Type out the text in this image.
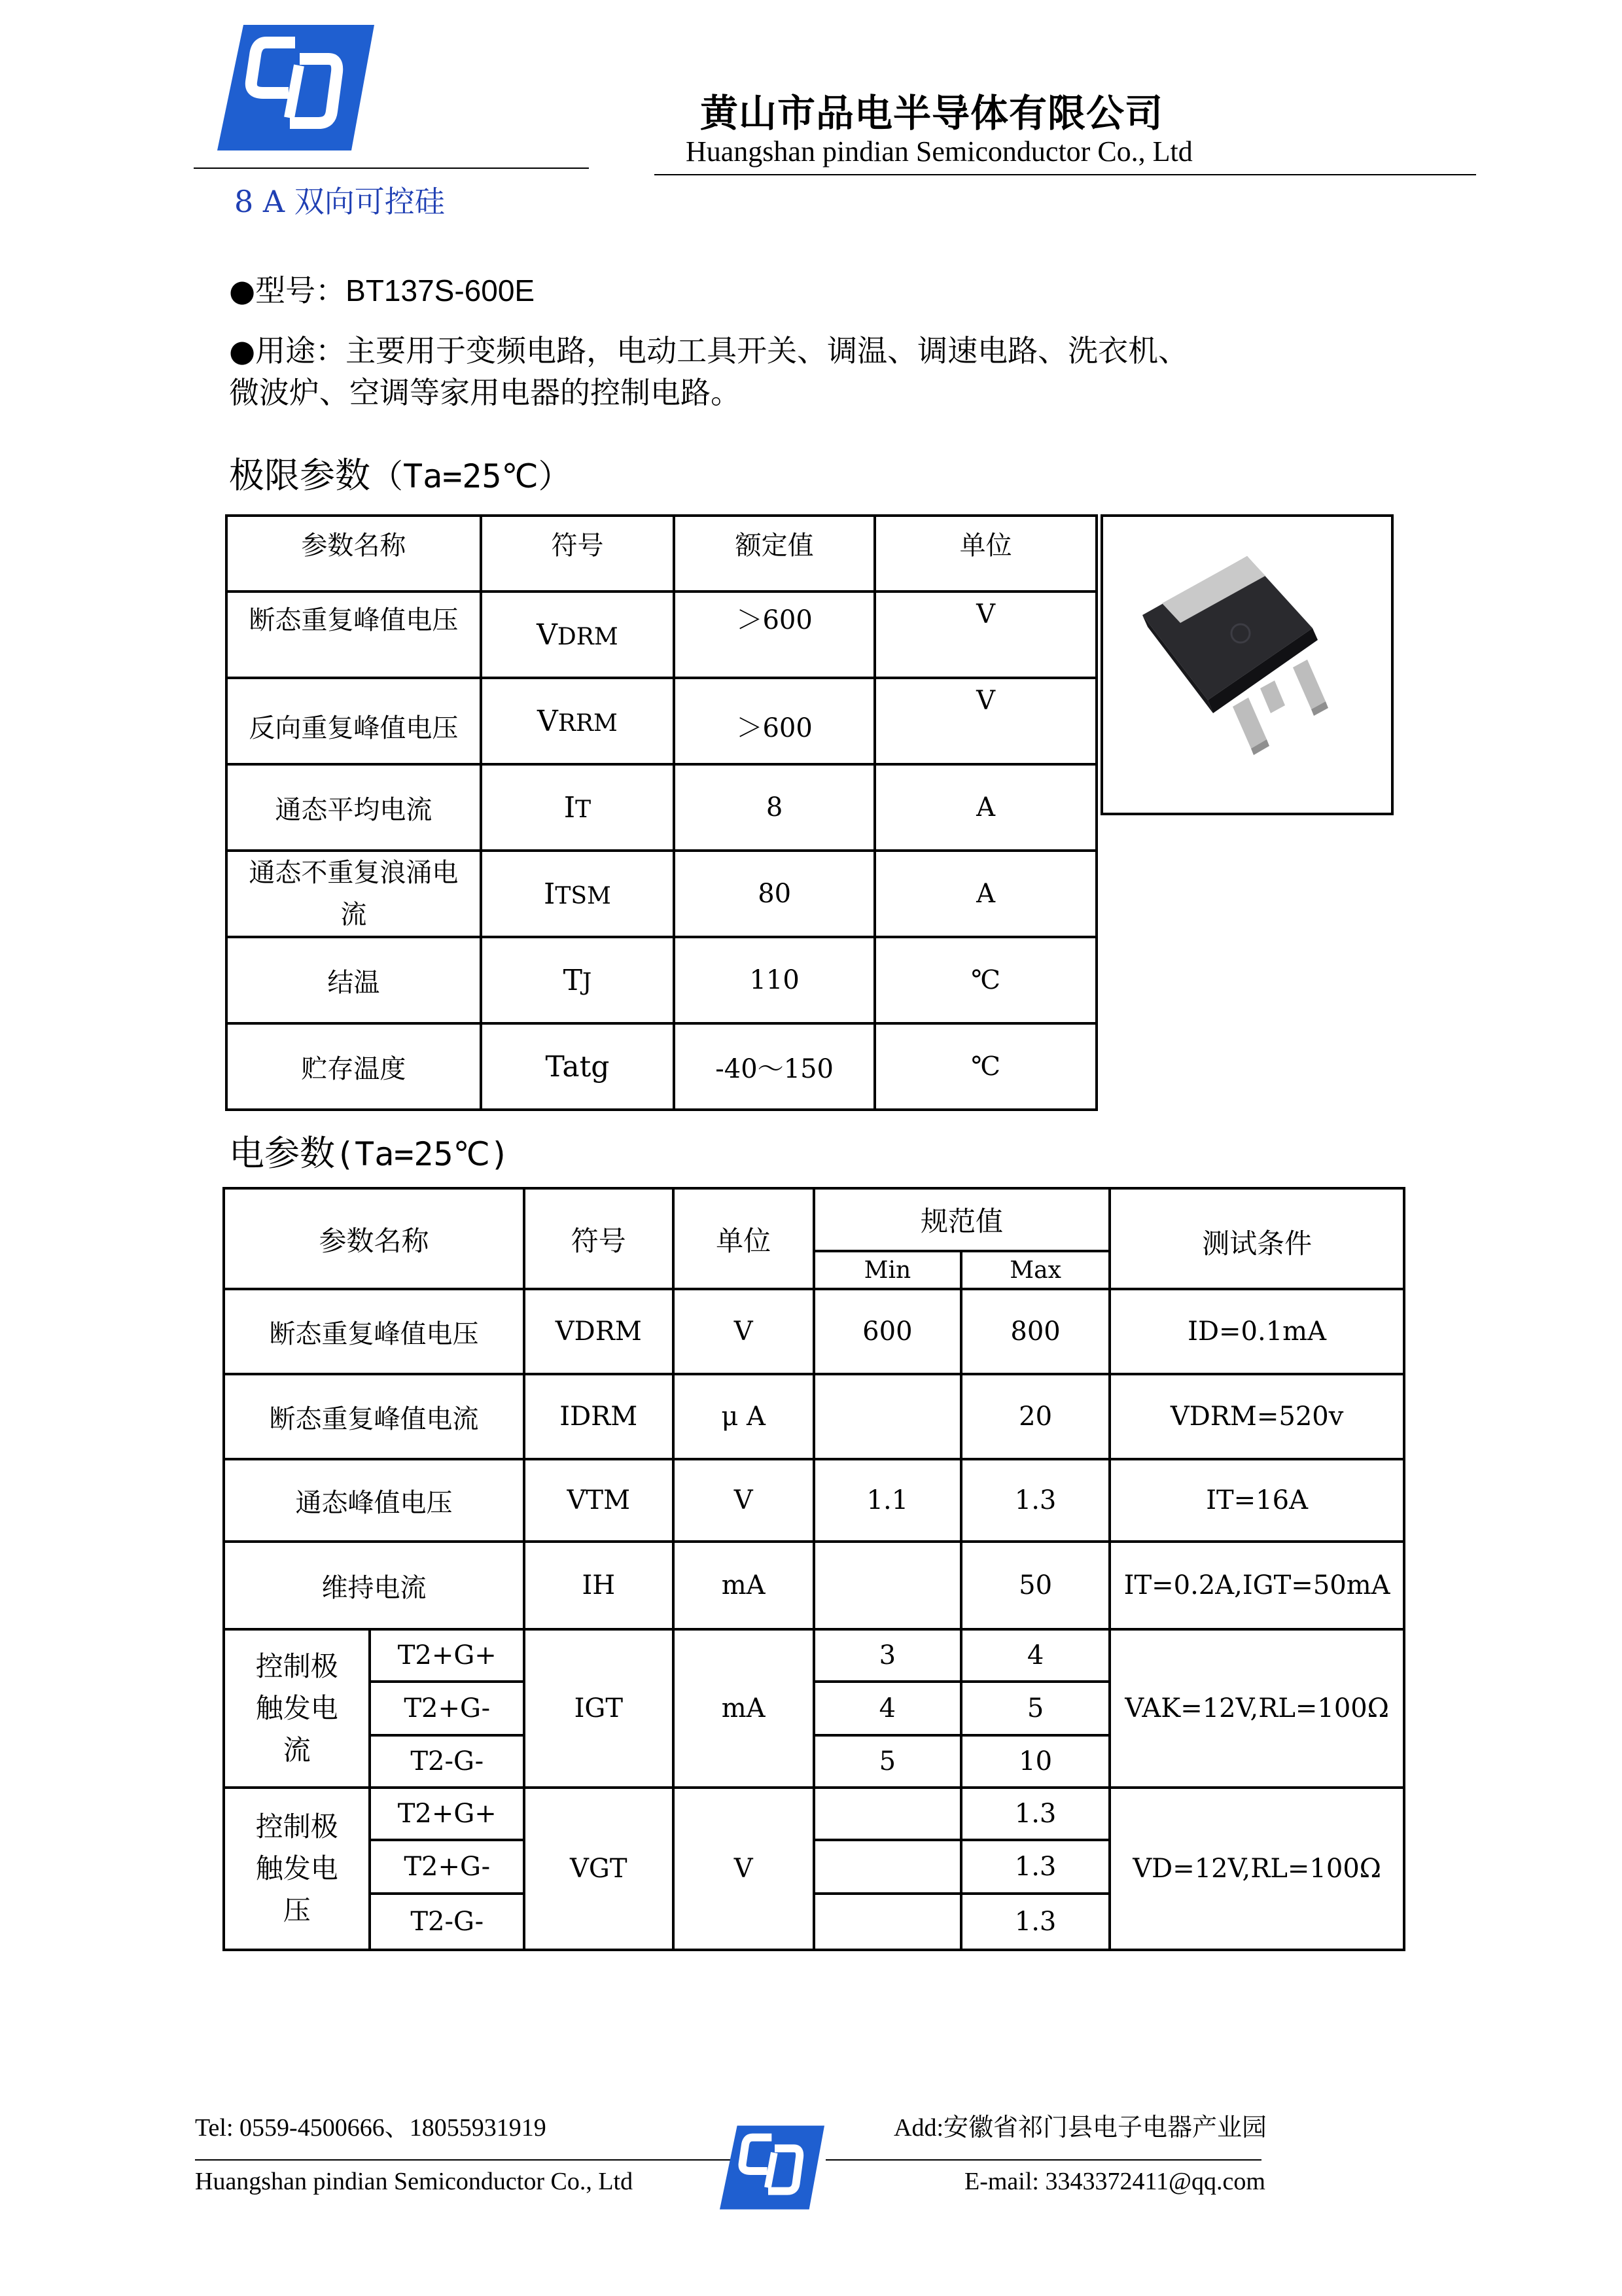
黄山市品电半导体有限公司
Huangshan pindian Semiconductor Co., Ltd
8 A 双向可控硅
●型号：BT137S-600E
●用途：主要用于变频电路，电动工具开关、调温、调速电路、洗衣机、
微波炉、空调等家用电器的控制电路。
极限参数（Ta=25℃）
参数名称	符号	额定值	单位
断态重复峰值电压	VDRM	＞600	V
反向重复峰值电压	VRRM	＞600	V
通态平均电流	IT	8	A
通态不重复浪涌电流	ITSM	80	A
结温	TJ	110	℃
贮存温度	Tatg	-40～150	℃
电参数(Ta=25℃)
参数名称		符号	单位	规范值		测试条件
				Min	Max	
断态重复峰值电压		VDRM	V	600	800	ID=0.1mA
断态重复峰值电流		IDRM	μ A		20	VDRM=520v
通态峰值电压		VTM	V	1.1	1.3	IT=16A
维持电流		IH	mA		50	IT=0.2A,IGT=50mA
控制极触发电流	T2+G+	IGT	mA	3	4	VAK=12V,RL=100Ω
	T2+G-			4	5	
	T2-G-			5	10	
控制极触发电压	T2+G+	VGT	V		1.3	VD=12V,RL=100Ω
	T2+G-				1.3	
	T2-G-				1.3	
Tel: 0559-4500666、18055931919	Add:安徽省祁门县电子电器产业园
Huangshan pindian Semiconductor Co., Ltd	E-mail: 3343372411@qq.com
